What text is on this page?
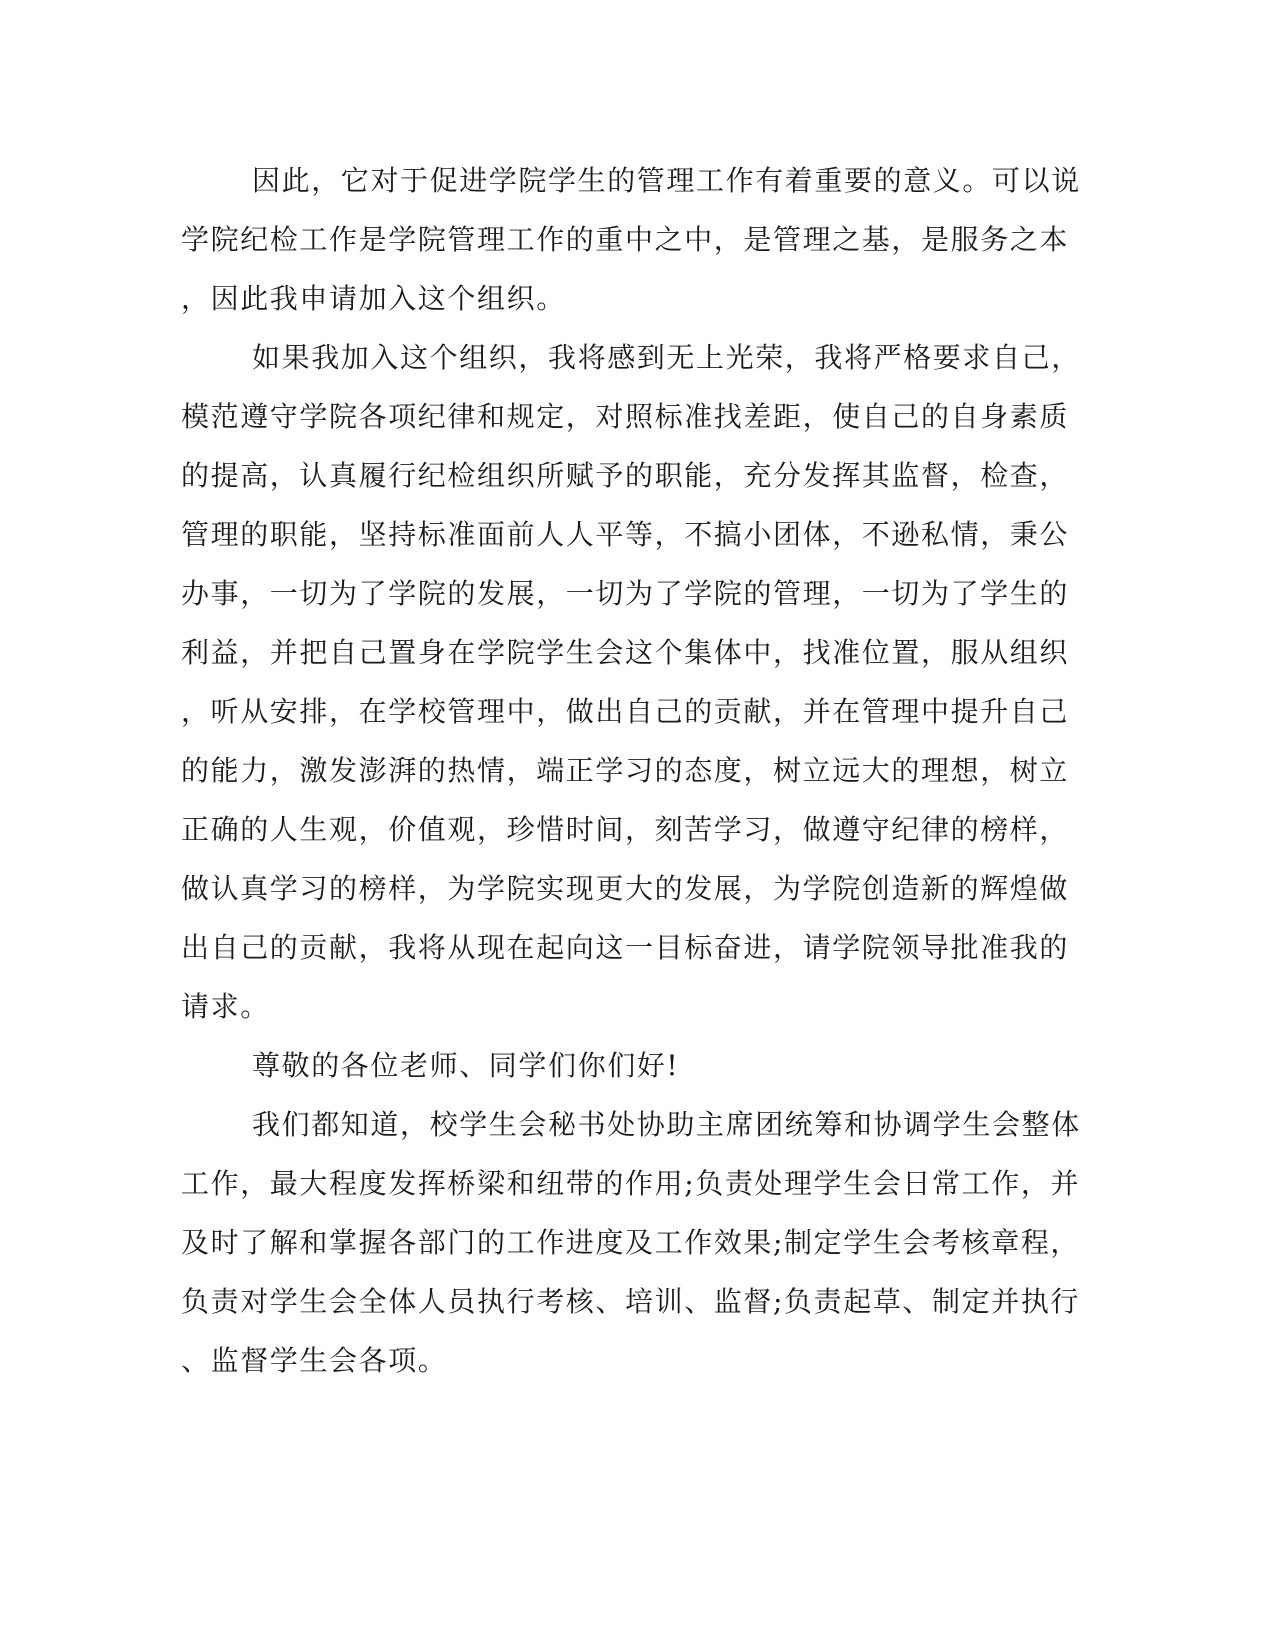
因此，它对于促进学院学生的管理工作有着重要的意义。可以说

学院纪检工作是学院管理工作的重中之中，是管理之基，是服务之本

，因此我申请加入这个组织。

如果我加入这个组织，我将感到无上光荣，我将严格要求自己，

模范遵守学院各项纪律和规定，对照标准找差距，使自己的自身素质

的提高，认真履行纪检组织所赋予的职能，充分发挥其监督，检查，

管理的职能，坚持标准面前人人平等，不搞小团体，不逊私情，秉公

办事，一切为了学院的发展，一切为了学院的管理，一切为了学生的

利益，并把自己置身在学院学生会这个集体中，找准位置，服从组织

，听从安排，在学校管理中，做出自己的贡献，并在管理中提升自己

的能力，激发澎湃的热情，端正学习的态度，树立远大的理想，树立

正确的人生观，价值观，珍惜时间，刻苦学习，做遵守纪律的榜样，

做认真学习的榜样，为学院实现更大的发展，为学院创造新的辉煌做

出自己的贡献，我将从现在起向这一目标奋进，请学院领导批准我的

请求。

尊敬的各位老师、同学们你们好!

我们都知道，校学生会秘书处协助主席团统筹和协调学生会整体

工作，最大程度发挥桥梁和纽带的作用;负责处理学生会日常工作，并

及时了解和掌握各部门的工作进度及工作效果;制定学生会考核章程，

负责对学生会全体人员执行考核、培训、监督;负责起草、制定并执行

、监督学生会各项。
